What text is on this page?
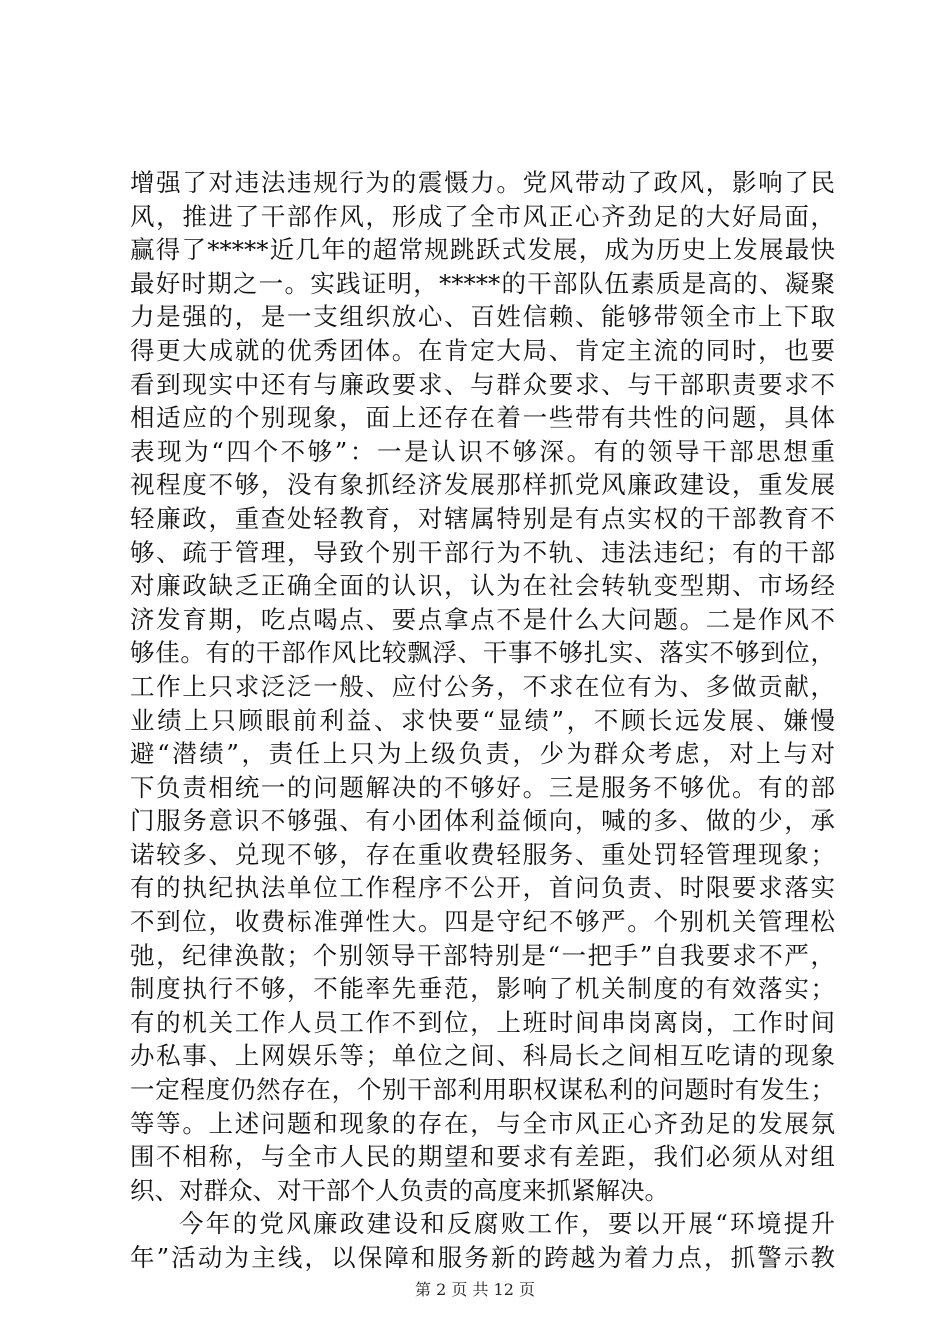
增强了对违法违规行为的震慑力。党风带动了政风，影响了民
风，推进了干部作风，形成了全市风正心齐劲足的大好局面，
赢得了*****近几年的超常规跳跃式发展，成为历史上发展最快
最好时期之一。实践证明，*****的干部队伍素质是高的、凝聚
力是强的，是一支组织放心、百姓信赖、能够带领全市上下取
得更大成就的优秀团体。在肯定大局、肯定主流的同时，也要
看到现实中还有与廉政要求、与群众要求、与干部职责要求不
相适应的个别现象，面上还存在着一些带有共性的问题，具体
表现为“四个不够”：一是认识不够深。有的领导干部思想重
视程度不够，没有象抓经济发展那样抓党风廉政建设，重发展
轻廉政，重查处轻教育，对辖属特别是有点实权的干部教育不
够、疏于管理，导致个别干部行为不轨、违法违纪；有的干部
对廉政缺乏正确全面的认识，认为在社会转轨变型期、市场经
济发育期，吃点喝点、要点拿点不是什么大问题。二是作风不
够佳。有的干部作风比较飘浮、干事不够扎实、落实不够到位，
工作上只求泛泛一般、应付公务，不求在位有为、多做贡献，
业绩上只顾眼前利益、求快要“显绩”，不顾长远发展、嫌慢
避“潜绩”，责任上只为上级负责，少为群众考虑，对上与对
下负责相统一的问题解决的不够好。三是服务不够优。有的部
门服务意识不够强、有小团体利益倾向，喊的多、做的少，承
诺较多、兑现不够，存在重收费轻服务、重处罚轻管理现象；
有的执纪执法单位工作程序不公开，首问负责、时限要求落实
不到位，收费标准弹性大。四是守纪不够严。个别机关管理松
弛，纪律涣散；个别领导干部特别是“一把手”自我要求不严，
制度执行不够，不能率先垂范，影响了机关制度的有效落实；
有的机关工作人员工作不到位，上班时间串岗离岗，工作时间
办私事、上网娱乐等；单位之间、科局长之间相互吃请的现象
一定程度仍然存在，个别干部利用职权谋私利的问题时有发生；
等等。上述问题和现象的存在，与全市风正心齐劲足的发展氛
围不相称，与全市人民的期望和要求有差距，我们必须从对组
织、对群众、对干部个人负责的高度来抓紧解决。
今年的党风廉政建设和反腐败工作，要以开展“环境提升
年”活动为主线，以保障和服务新的跨越为着力点，抓警示教
第 2 页 共 12 页
